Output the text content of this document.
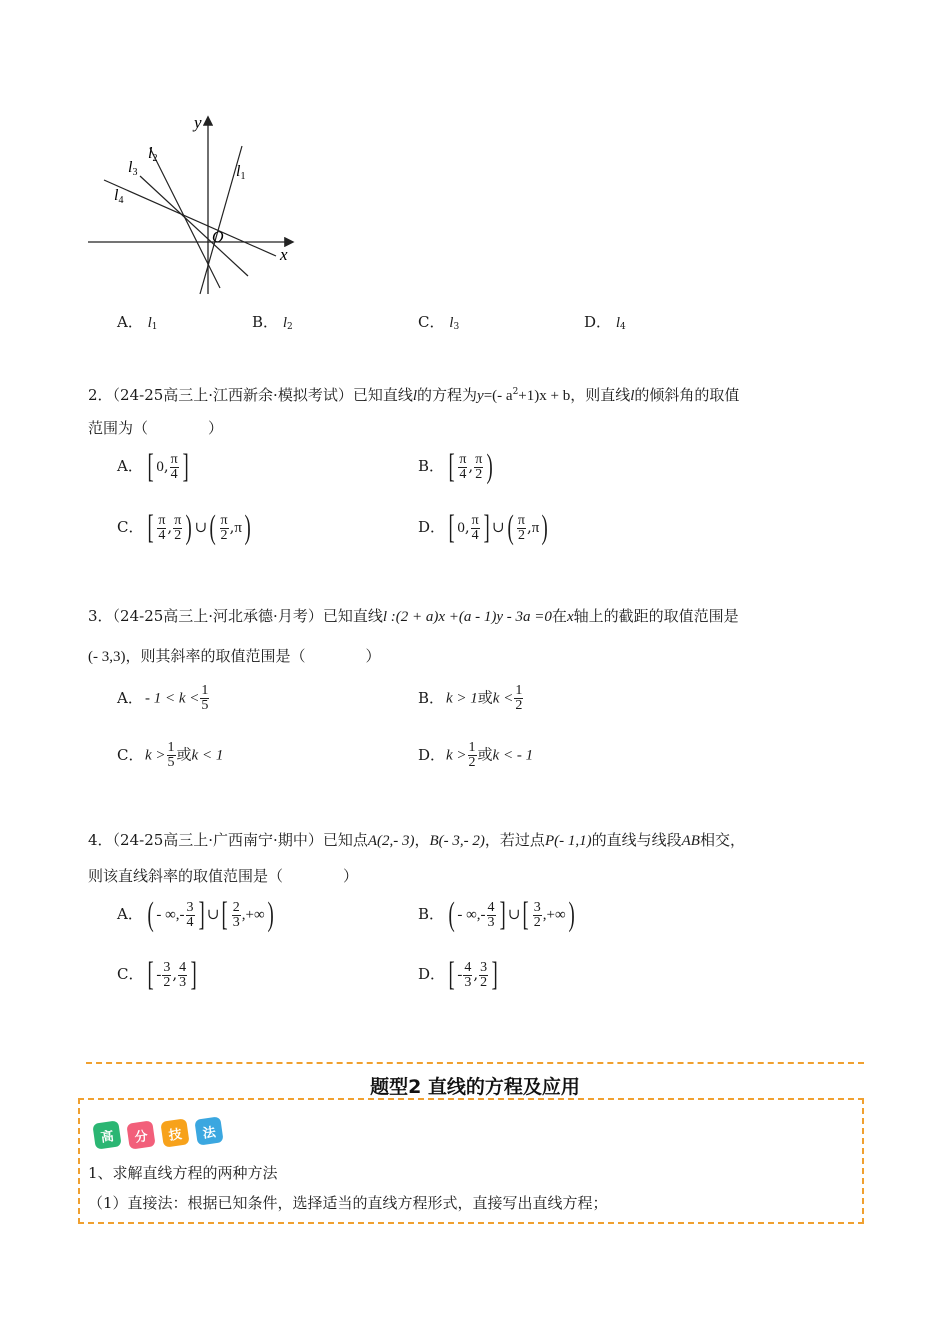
y
x
O
l1
l2
l3
l4
A． $l_1$	B． $l_2$	C． $l_3$	D． $l_4$
2．（24-25高三上·江西新余·模拟考试）已知直线l的方程为y=(- $a^2+1)x + b$，则直线l的倾斜角的取值
范围为（　　　　）
A． [ 0, $\frac{\pi}{4}$ ]	B． [ $\frac{\pi}{4}$ , $\frac{\pi}{2}$ )
C． [ $\frac{\pi}{4}$ , $\frac{\pi}{2}$ ) ∪( $\frac{\pi}{2} ,\pi$)	D． [ 0, $\frac{\pi}{4}$ ] ∪( $\frac{\pi}{2} ,\pi$)
3．（24-25高三上·河北承德·月考）已知直线l :(2 + a)x +(a - 1)y - 3a =0在x轴上的截距的取值范围是
(- 3,3)，则其斜率的取值范围是（　　　　）
A． - $1 < k < \frac{1}{5}$	B． k > 1或$k < \frac{1}{2}$
C． $k > \frac{1}{5}$ 或k < 1	D．$k > \frac{1}{2}$ 或k < - 1
4．（24-25高三上·广西南宁·期中）已知点A(2,- 3)，B(- 3,- 2)，若过点P(- 1,1)的直线与线段AB相交，
则该直线斜率的取值范围是（　　　　）
A． ( - ∞,- $\frac{3}{4}$ ] ∪[ $\frac{2}{3}$ ,+∞)	B． ( - ∞,- $\frac{4}{3}$ ] ∪[ $\frac{3}{2}$ ,+∞)
C． [ - $\frac{3}{2}$ , $\frac{4}{3}$ ]	D． [ - $\frac{4}{3}$ , $\frac{3}{2}$ ]
题型2 直线的方程及应用
高	分	技	法
1、求解直线方程的两种方法
（1）直接法：根据已知条件，选择适当的直线方程形式，直接写出直线方程；
